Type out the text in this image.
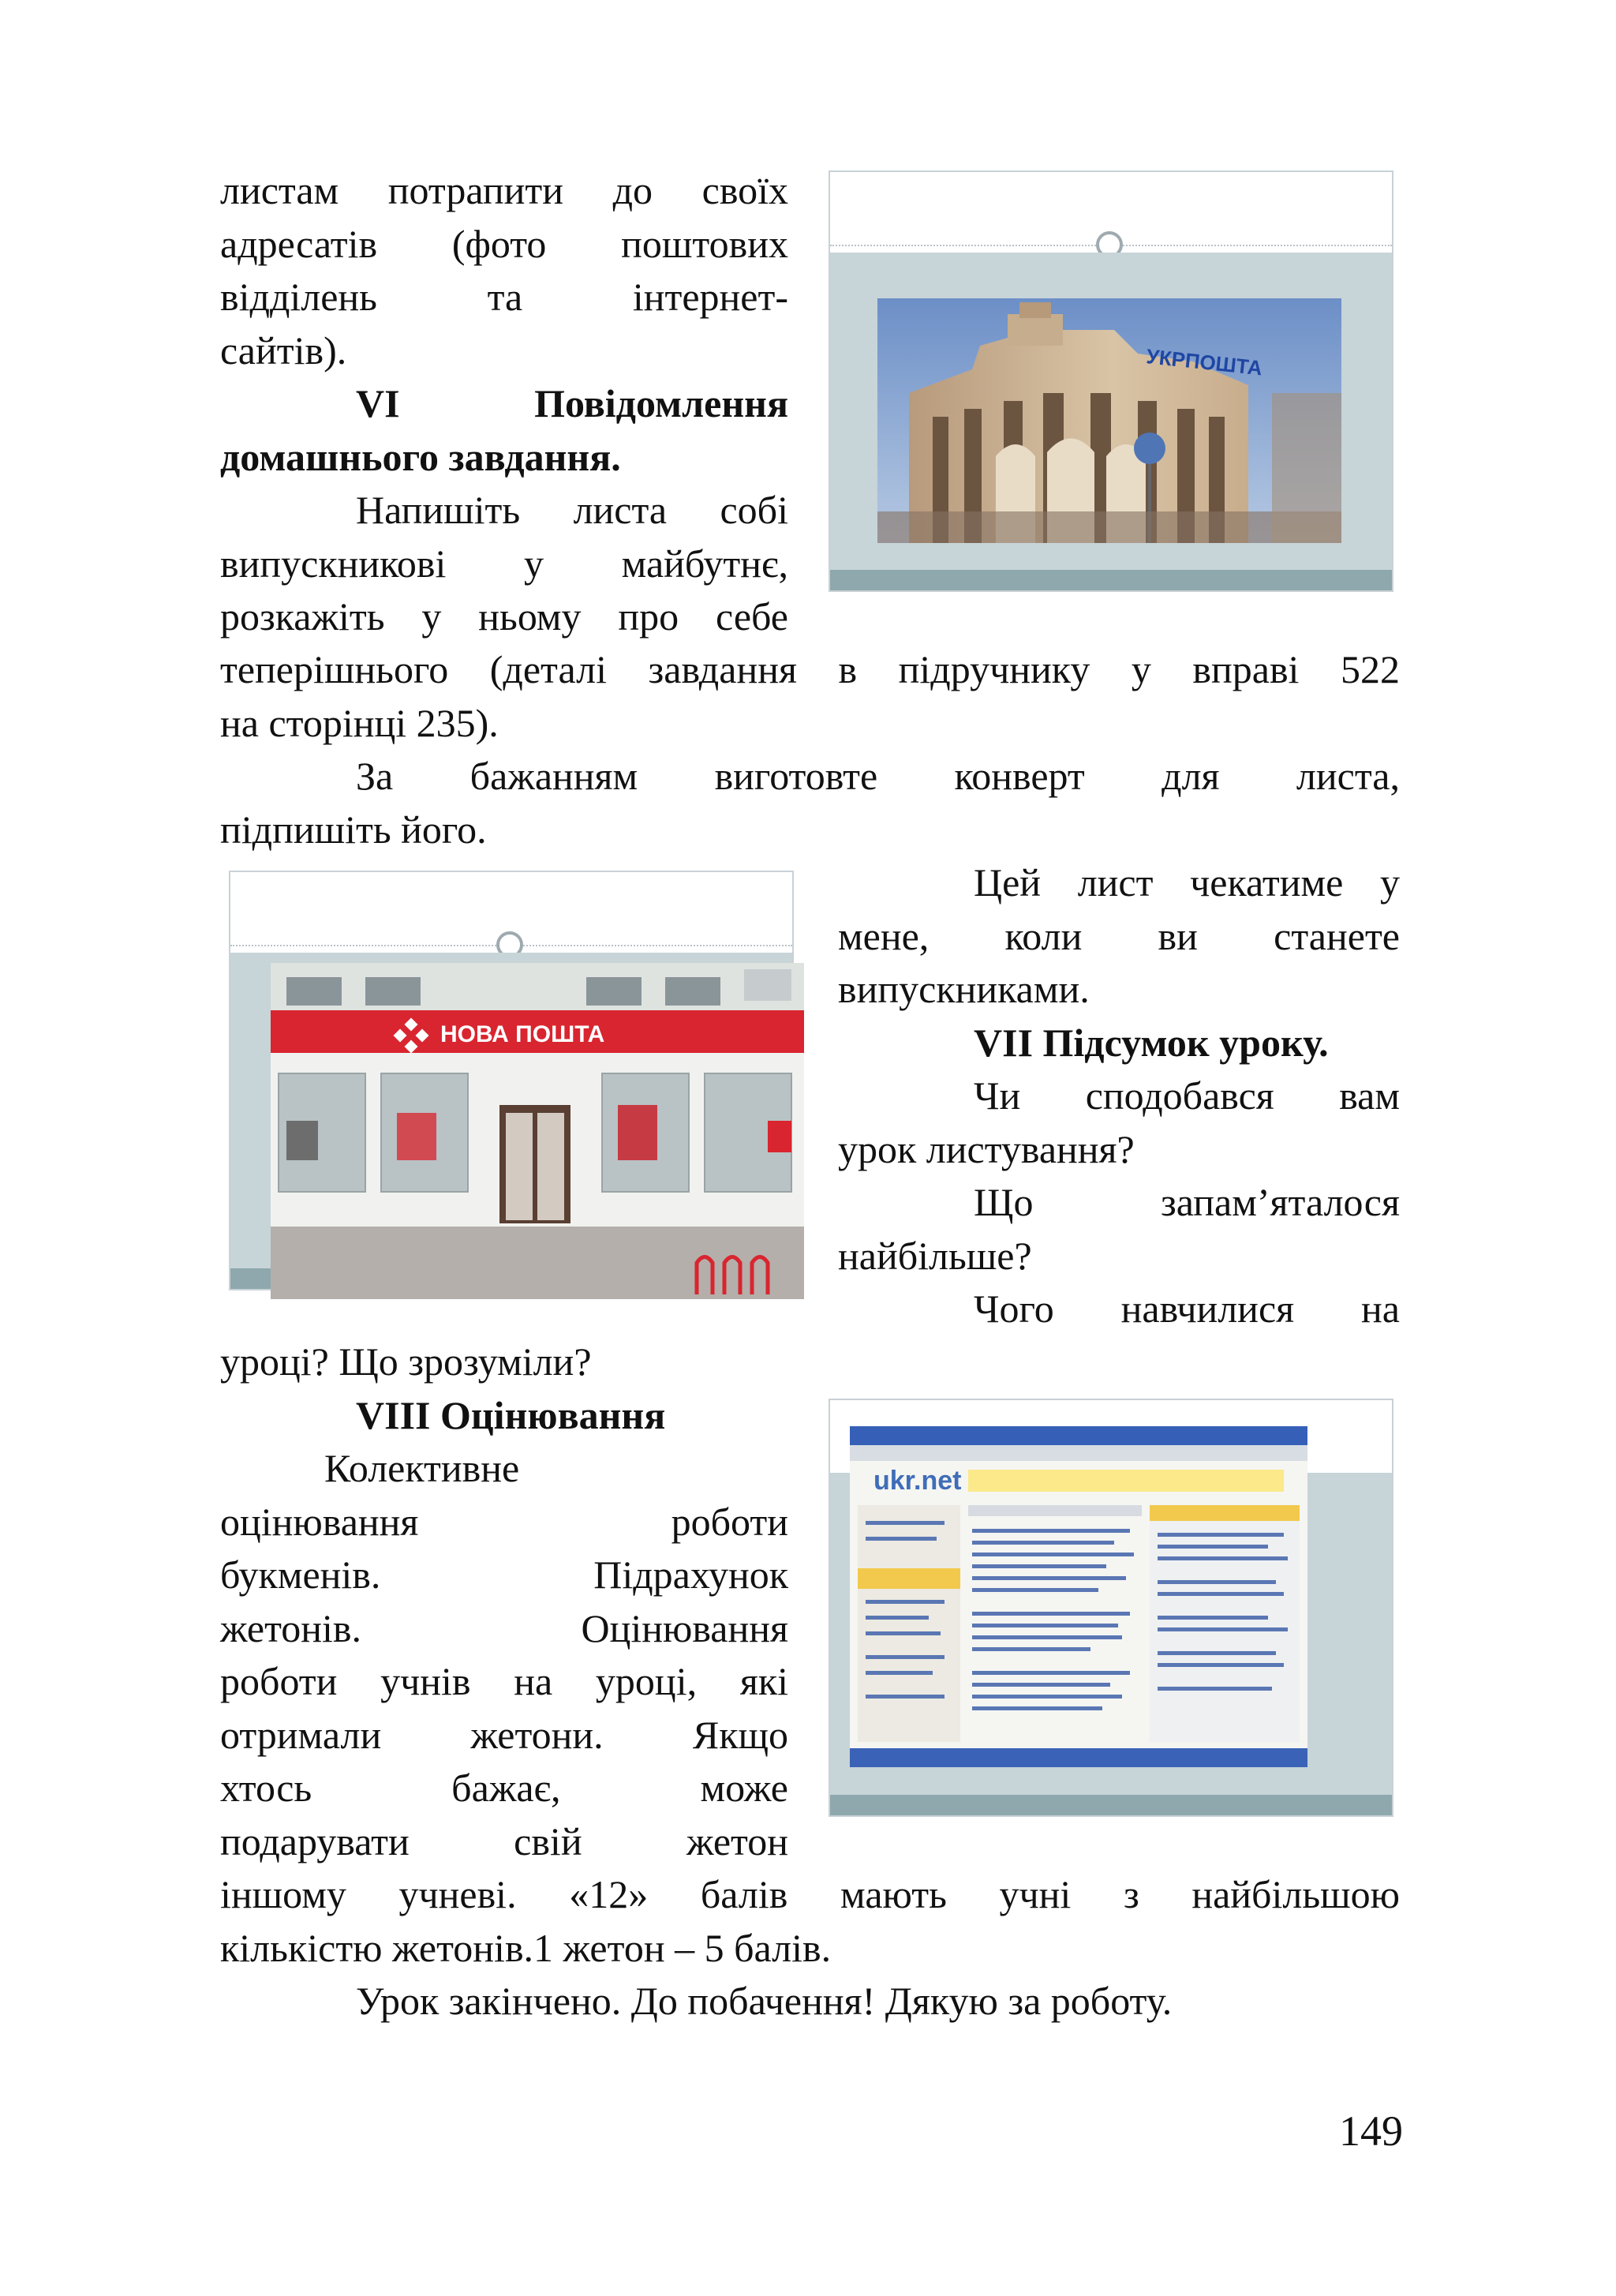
листам потрапити до своїх
адресатів (фото поштових
відділень та інтернет-
сайтів).
VI Повідомлення
домашнього завдання.
Напишіть листа собі
випускникові у майбутнє,
розкажіть у ньому про себе
теперішнього (деталі завдання в підручнику у вправі 522
на сторінці 235).
За бажанням виготовте конверт для листа,
підпишіть його.
Цей лист чекатиме у
мене, коли ви станете
випускниками.
VII Підсумок уроку.
Чи сподобався вам
урок листування?
Що запам’яталося
найбільше?
Чого навчилися на
уроці? Що зрозуміли?
VIII Оцінювання
Колективне
оцінювання роботи
букменів. Підрахунок
жетонів. Оцінювання
роботи учнів на уроці, які
отримали жетони. Якщо
хтось бажає, може
подарувати свій жетон
іншому учневі. «12» балів мають учні з найбільшою
кількістю жетонів.1 жетон – 5 балів.
Урок закінчено. До побачення! Дякую за роботу.
УКРПОШТА
НОВА ПОШТА
ukr.net
149
